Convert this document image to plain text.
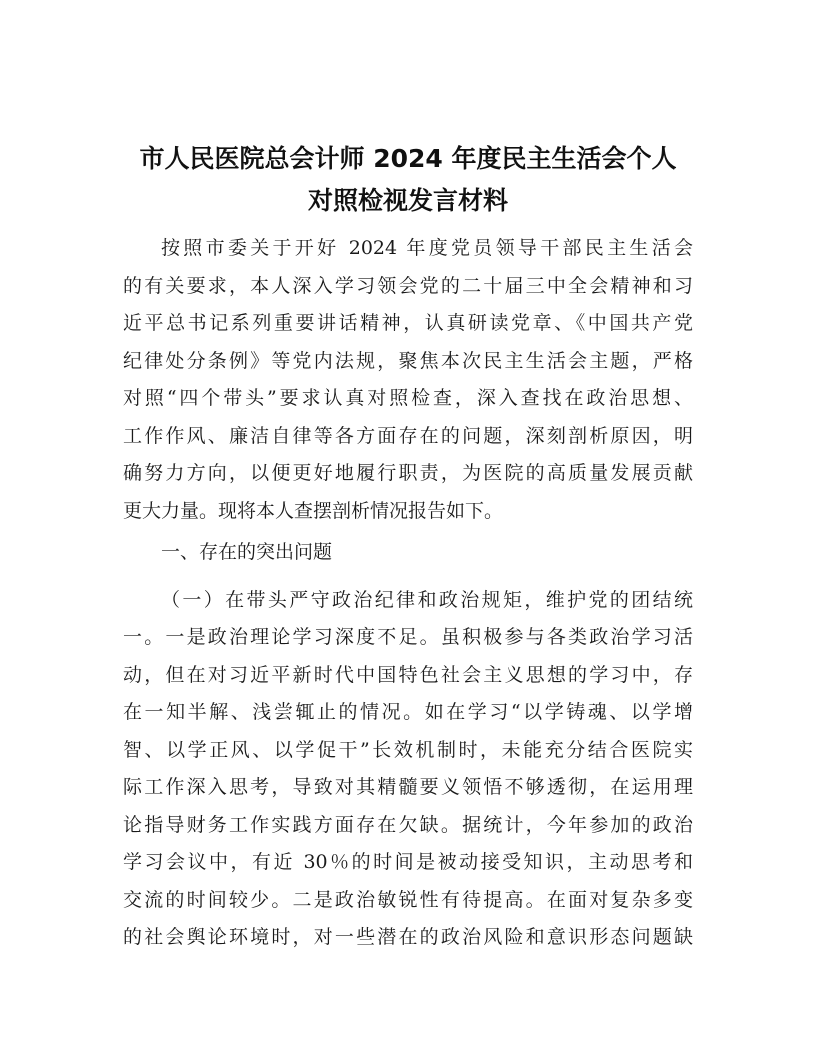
市人民医院总会计师 2024 年度民主生活会个人
对照检视发言材料
按照市委关于开好 2024 年度党员领导干部民主生活会
的有关要求，本人深入学习领会党的二十届三中全会精神和习
近平总书记系列重要讲话精神，认真研读党章、《中国共产党
纪律处分条例》等党内法规，聚焦本次民主生活会主题，严格
对照“四个带头”要求认真对照检查，深入查找在政治思想、
工作作风、廉洁自律等各方面存在的问题，深刻剖析原因，明
确努力方向，以便更好地履行职责，为医院的高质量发展贡献
更大力量。现将本人查摆剖析情况报告如下。
一、存在的突出问题
（一）在带头严守政治纪律和政治规矩，维护党的团结统
一。一是政治理论学习深度不足。虽积极参与各类政治学习活
动，但在对习近平新时代中国特色社会主义思想的学习中，存
在一知半解、浅尝辄止的情况。如在学习“以学铸魂、以学增
智、以学正风、以学促干”长效机制时，未能充分结合医院实
际工作深入思考，导致对其精髓要义领悟不够透彻，在运用理
论指导财务工作实践方面存在欠缺。据统计，今年参加的政治
学习会议中，有近 30％的时间是被动接受知识，主动思考和
交流的时间较少。二是政治敏锐性有待提高。在面对复杂多变
的社会舆论环境时，对一些潜在的政治风险和意识形态问题缺
